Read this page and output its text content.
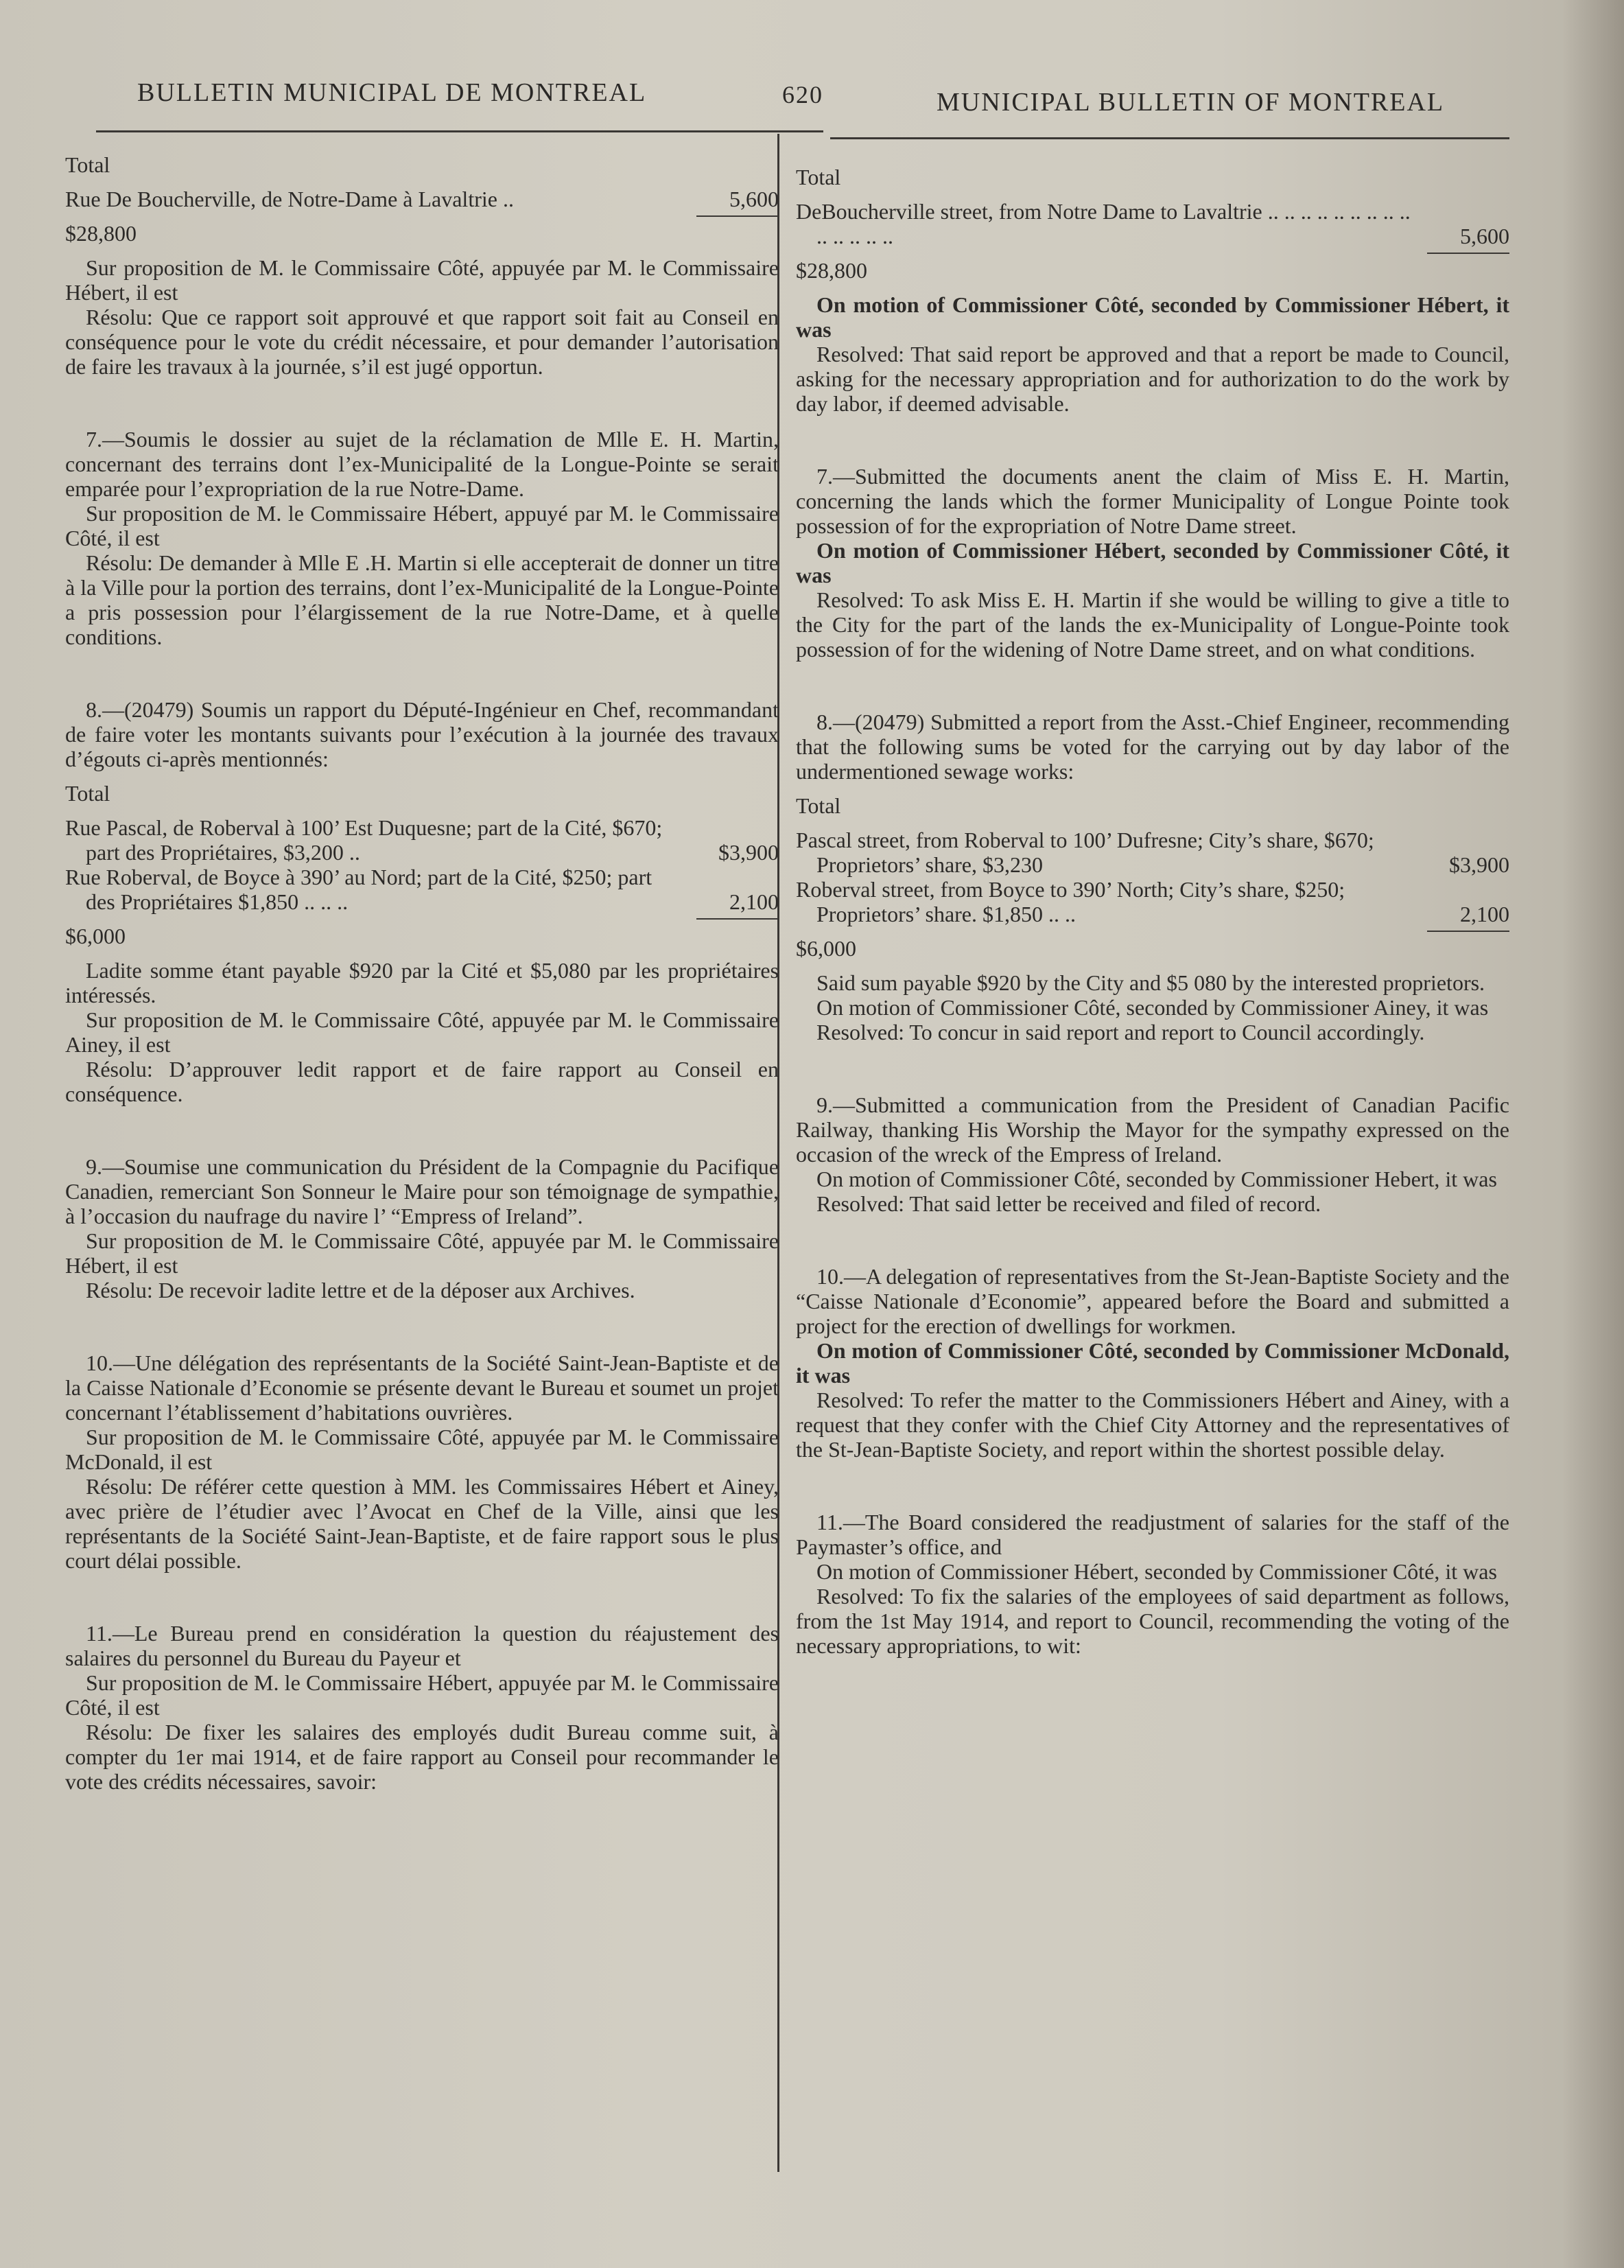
BULLETIN MUNICIPAL DE MONTREAL	620	MUNICIPAL BULLETIN OF MONTREAL

Total

Rue De Boucherville, de Notre-Dame à Lavaltrie ..	5,600

$28,800

Sur proposition de M. le Commissaire Côté, appuyée par M. le Commissaire Hébert, il est

Résolu: Que ce rapport soit approuvé et que rapport soit fait au Conseil en conséquence pour le vote du crédit nécessaire, et pour demander l’autorisation de faire les travaux à la journée, s’il est jugé opportun.

7.—Soumis le dossier au sujet de la réclamation de Mlle E. H. Martin, concernant des terrains dont l’ex-Municipalité de la Longue-Pointe se serait emparée pour l’expropriation de la rue Notre-Dame.

Sur proposition de M. le Commissaire Hébert, appuyé par M. le Commissaire Côté, il est

Résolu: De demander à Mlle E .H. Martin si elle accepterait de donner un titre à la Ville pour la portion des terrains, dont l’ex-Municipalité de la Longue-Pointe a pris possession pour l’élargissement de la rue Notre-Dame, et à quelle conditions.

8.—(20479) Soumis un rapport du Député-Ingénieur en Chef, recommandant de faire voter les montants suivants pour l’exécution à la journée des travaux d’égouts ci-après mentionnés:

Total

Rue Pascal, de Roberval à 100’ Est Duquesne; part de la Cité, $670; part des Propriétaires, $3,200 ..	$3,900
Rue Roberval, de Boyce à 390’ au Nord; part de la Cité, $250; part des Propriétaires $1,850 .. .. ..	2,100

$6,000

Ladite somme étant payable $920 par la Cité et $5,080 par les propriétaires intéressés.

Sur proposition de M. le Commissaire Côté, appuyée par M. le Commissaire Ainey, il est

Résolu: D’approuver ledit rapport et de faire rapport au Conseil en conséquence.

9.—Soumise une communication du Président de la Compagnie du Pacifique Canadien, remerciant Son Sonneur le Maire pour son témoignage de sympathie, à l’occasion du naufrage du navire l’ “Empress of Ireland”.

Sur proposition de M. le Commissaire Côté, appuyée par M. le Commissaire Hébert, il est

Résolu: De recevoir ladite lettre et de la déposer aux Archives.

10.—Une délégation des représentants de la Société Saint-Jean-Baptiste et de la Caisse Nationale d’Economie se présente devant le Bureau et soumet un projet concernant l’établissement d’habitations ouvrières.

Sur proposition de M. le Commissaire Côté, appuyée par M. le Commissaire McDonald, il est

Résolu: De référer cette question à MM. les Commissaires Hébert et Ainey, avec prière de l’étudier avec l’Avocat en Chef de la Ville, ainsi que les représentants de la Société Saint-Jean-Baptiste, et de faire rapport sous le plus court délai possible.

11.—Le Bureau prend en considération la question du réajustement des salaires du personnel du Bureau du Payeur et

Sur proposition de M. le Commissaire Hébert, appuyée par M. le Commissaire Côté, il est

Résolu: De fixer les salaires des employés dudit Bureau comme suit, à compter du 1er mai 1914, et de faire rapport au Conseil pour recommander le vote des crédits nécessaires, savoir:

Total

DeBoucherville street, from Notre Dame to Lavaltrie .. .. .. .. .. .. .. .. .. .. .. .. .. ..	5,600

$28,800

On motion of Commissioner Côté, seconded by Commissioner Hébert, it was

Resolved: That said report be approved and that a report be made to Council, asking for the necessary appropriation and for authorization to do the work by day labor, if deemed advisable.

7.—Submitted the documents anent the claim of Miss E. H. Martin, concerning the lands which the former Municipality of Longue Pointe took possession of for the expropriation of Notre Dame street.

On motion of Commissioner Hébert, seconded by Commissioner Côté, it was

Resolved: To ask Miss E. H. Martin if she would be willing to give a title to the City for the part of the lands the ex-Municipality of Longue-Pointe took possession of for the widening of Notre Dame street, and on what conditions.

8.—(20479) Submitted a report from the Asst.-Chief Engineer, recommending that the following sums be voted for the carrying out by day labor of the undermentioned sewage works:

Total

Pascal street, from Roberval to 100’ Dufresne; City’s share, $670; Proprietors’ share, $3,230	$3,900
Roberval street, from Boyce to 390’ North; City’s share, $250; Proprietors’ share. $1,850 .. ..	2,100

$6,000

Said sum payable $920 by the City and $5 080 by the interested proprietors.

On motion of Commissioner Côté, seconded by Commissioner Ainey, it was

Resolved: To concur in said report and report to Council accordingly.

9.—Submitted a communication from the President of Canadian Pacific Railway, thanking His Worship the Mayor for the sympathy expressed on the occasion of the wreck of the Empress of Ireland.

On motion of Commissioner Côté, seconded by Commissioner Hebert, it was

Resolved: That said letter be received and filed of record.

10.—A delegation of representatives from the St-Jean-Baptiste Society and the “Caisse Nationale d’Economie”, appeared before the Board and submitted a project for the erection of dwellings for workmen.

On motion of Commissioner Côté, seconded by Commissioner McDonald, it was

Resolved: To refer the matter to the Commissioners Hébert and Ainey, with a request that they confer with the Chief City Attorney and the representatives of the St-Jean-Baptiste Society, and report within the shortest possible delay.

11.—The Board considered the readjustment of salaries for the staff of the Paymaster’s office, and

On motion of Commissioner Hébert, seconded by Commissioner Côté, it was

Resolved: To fix the salaries of the employees of said department as follows, from the 1st May 1914, and report to Council, recommending the voting of the necessary appropriations, to wit:
